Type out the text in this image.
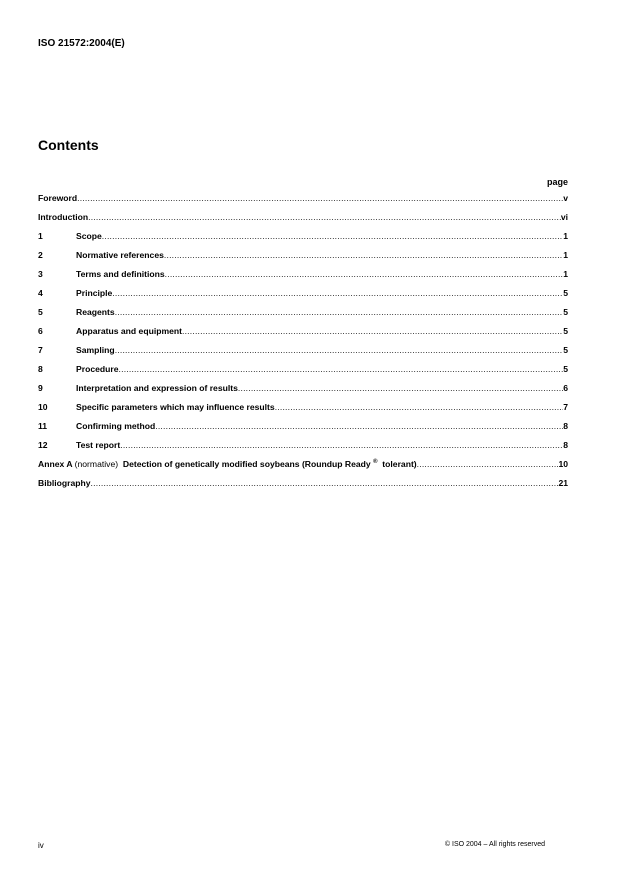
ISO 21572:2004(E)
Contents
page
Foreword .....	v
Introduction .....	vi
1	Scope .....	1
2	Normative references .....	1
3	Terms and definitions .....	1
4	Principle .....	5
5	Reagents .....	5
6	Apparatus and equipment .....	5
7	Sampling .....	5
8	Procedure .....	5
9	Interpretation and expression of results .....	6
10	Specific parameters which may influence results .....	7
11	Confirming method .....	8
12	Test report .....	8
Annex A (normative) Detection of genetically modified soybeans (Roundup Ready ® tolerant) .....	10
Bibliography .....	21
iv	© ISO 2004 – All rights reserved
